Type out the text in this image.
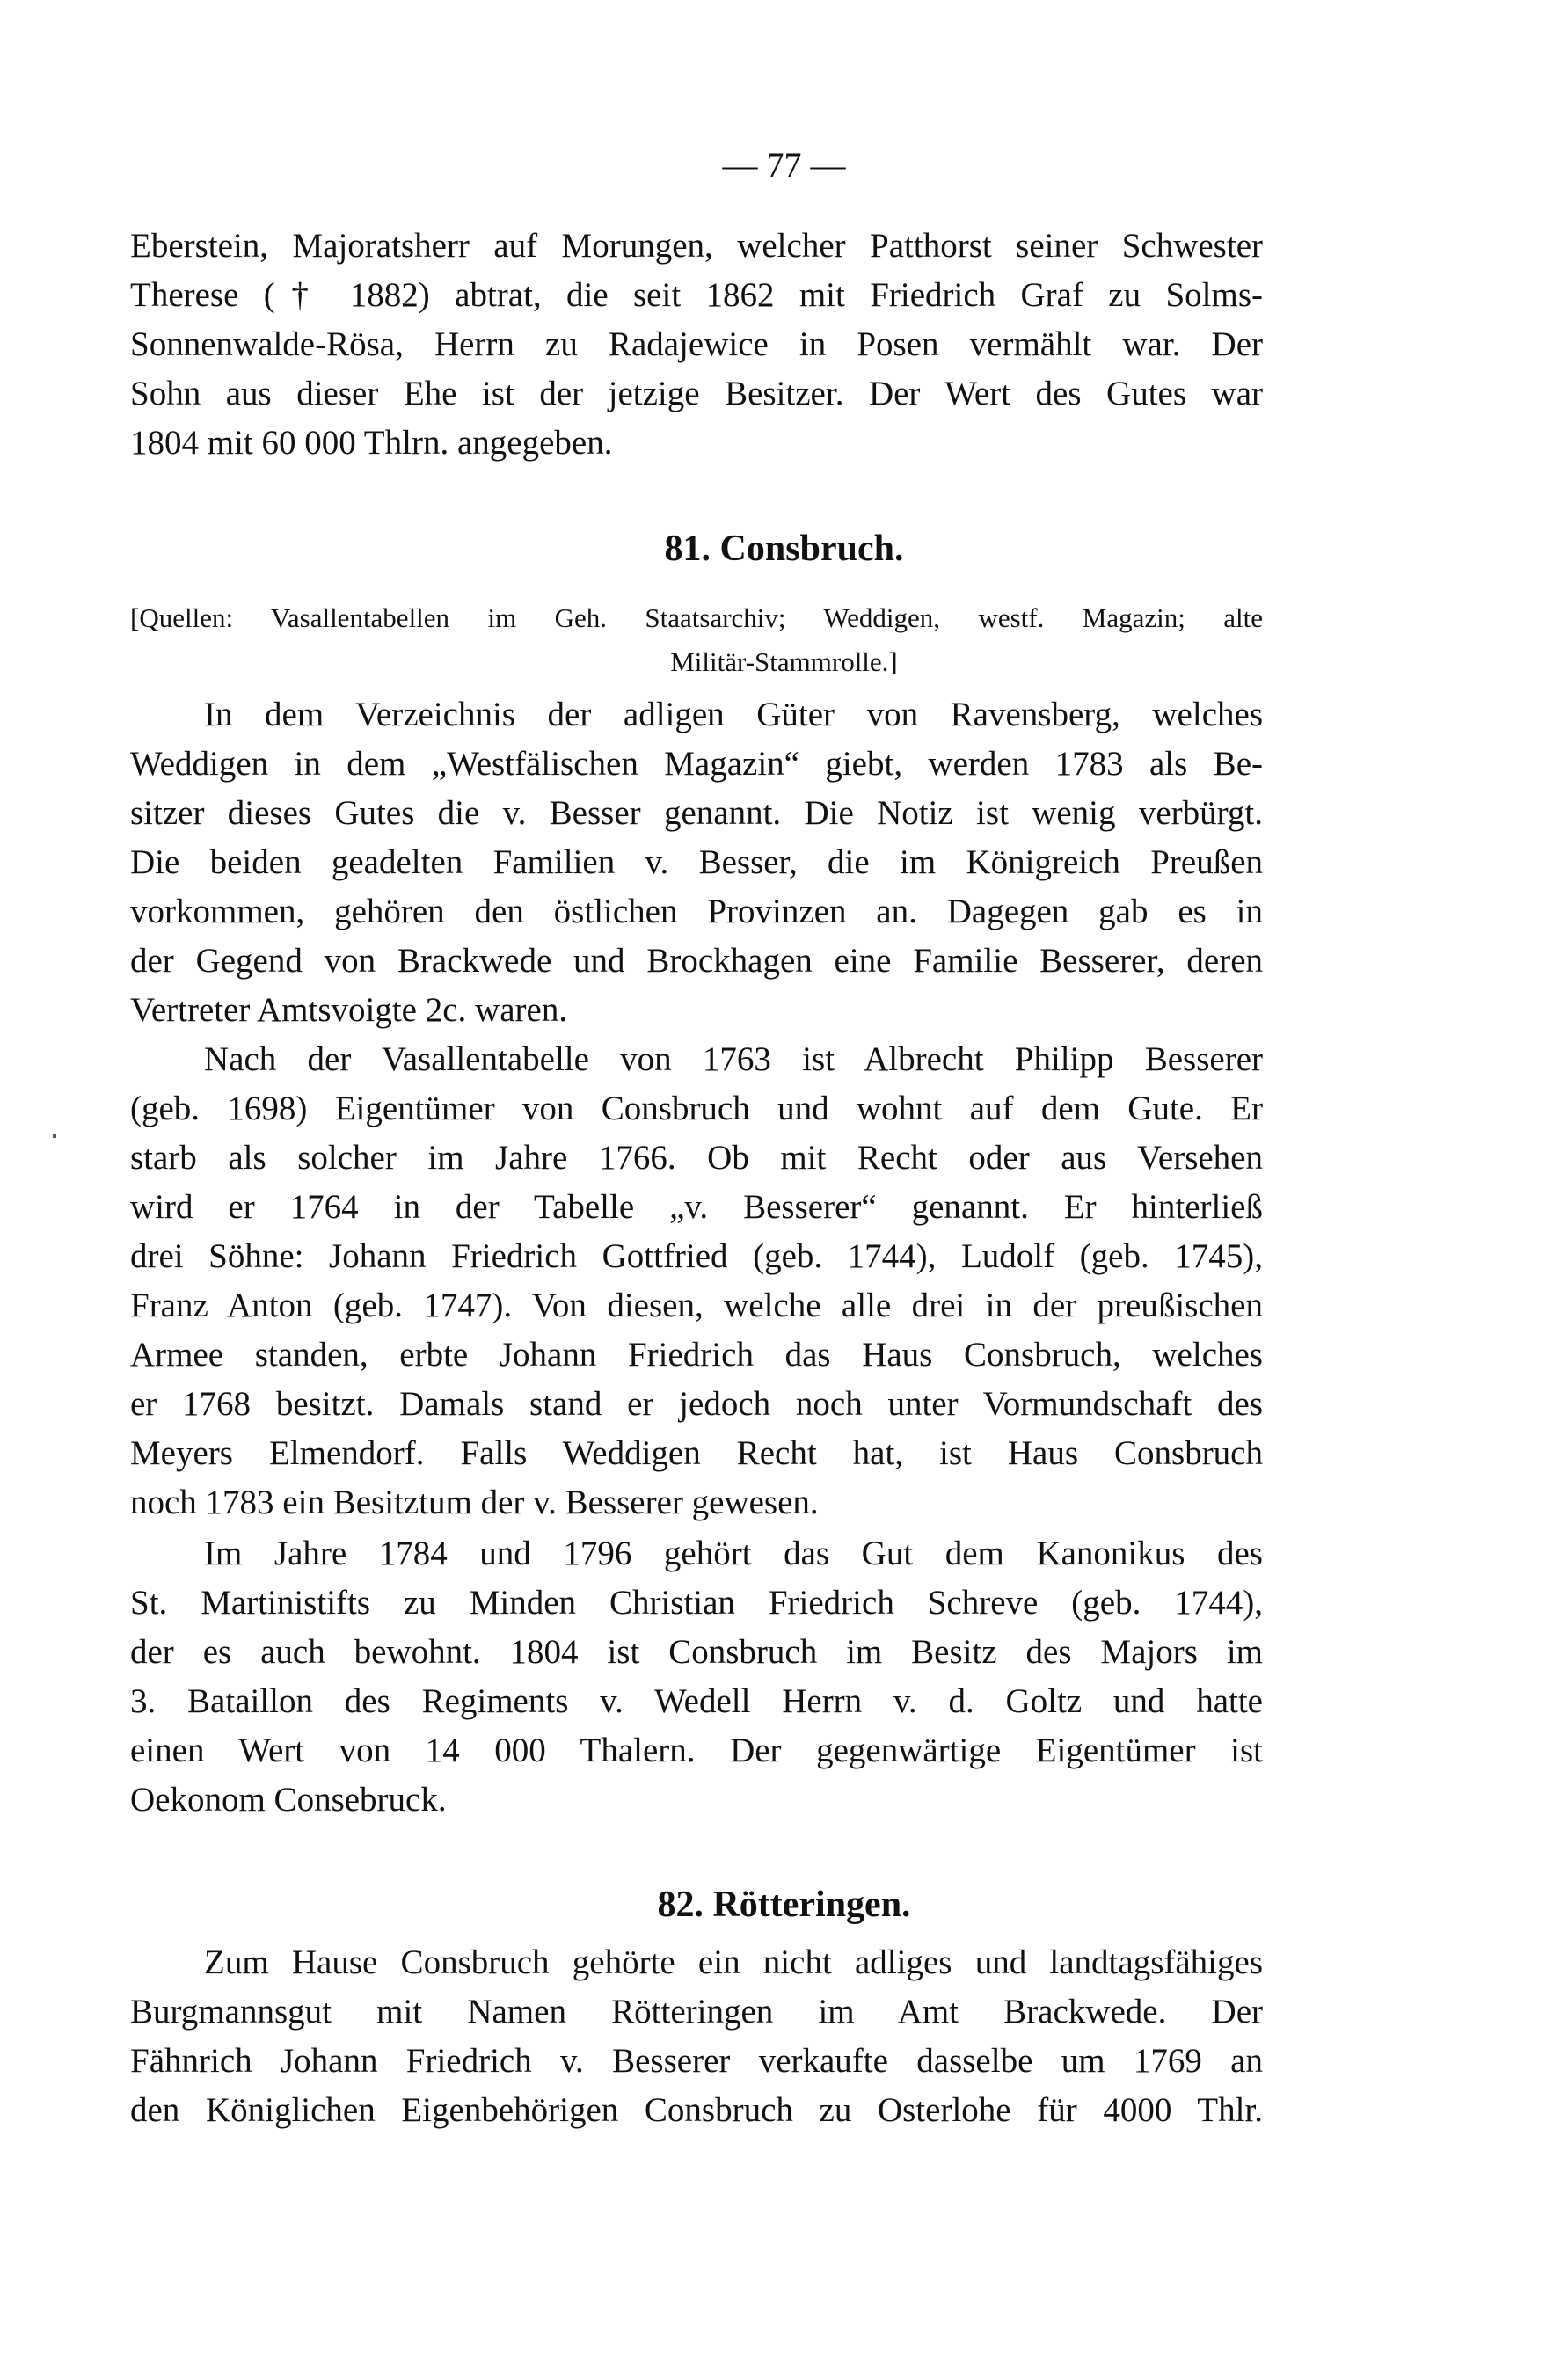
— 77 —
Eberstein, Majoratsherr auf Morungen, welcher Patthorst seiner Schwester
Therese († 1882) abtrat, die seit 1862 mit Friedrich Graf zu Solms-
Sonnenwalde-Rösa, Herrn zu Radajewice in Posen vermählt war. Der
Sohn aus dieser Ehe ist der jetzige Besitzer. Der Wert des Gutes war
1804 mit 60 000 Thlrn. angegeben.
81. Consbruch.
[Quellen: Vasallentabellen im Geh. Staatsarchiv; Weddigen, westf. Magazin; alte
Militär-Stammrolle.]
In dem Verzeichnis der adligen Güter von Ravensberg, welches
Weddigen in dem „Westfälischen Magazin“ giebt, werden 1783 als Be-
sitzer dieses Gutes die v. Besser genannt. Die Notiz ist wenig verbürgt.
Die beiden geadelten Familien v. Besser, die im Königreich Preußen
vorkommen, gehören den östlichen Provinzen an. Dagegen gab es in
der Gegend von Brackwede und Brockhagen eine Familie Besserer, deren
Vertreter Amtsvoigte 2c. waren.
Nach der Vasallentabelle von 1763 ist Albrecht Philipp Besserer
(geb. 1698) Eigentümer von Consbruch und wohnt auf dem Gute. Er
starb als solcher im Jahre 1766. Ob mit Recht oder aus Versehen
wird er 1764 in der Tabelle „v. Besserer“ genannt. Er hinterließ
drei Söhne: Johann Friedrich Gottfried (geb. 1744), Ludolf (geb. 1745),
Franz Anton (geb. 1747). Von diesen, welche alle drei in der preußischen
Armee standen, erbte Johann Friedrich das Haus Consbruch, welches
er 1768 besitzt. Damals stand er jedoch noch unter Vormundschaft des
Meyers Elmendorf. Falls Weddigen Recht hat, ist Haus Consbruch
noch 1783 ein Besitztum der v. Besserer gewesen.
Im Jahre 1784 und 1796 gehört das Gut dem Kanonikus des
St. Martinistifts zu Minden Christian Friedrich Schreve (geb. 1744),
der es auch bewohnt. 1804 ist Consbruch im Besitz des Majors im
3. Bataillon des Regiments v. Wedell Herrn v. d. Goltz und hatte
einen Wert von 14 000 Thalern. Der gegenwärtige Eigentümer ist
Oekonom Consebruck.
82. Rötteringen.
Zum Hause Consbruch gehörte ein nicht adliges und landtagsfähiges
Burgmannsgut mit Namen Rötteringen im Amt Brackwede. Der
Fähnrich Johann Friedrich v. Besserer verkaufte dasselbe um 1769 an
den Königlichen Eigenbehörigen Consbruch zu Osterlohe für 4000 Thlr.
